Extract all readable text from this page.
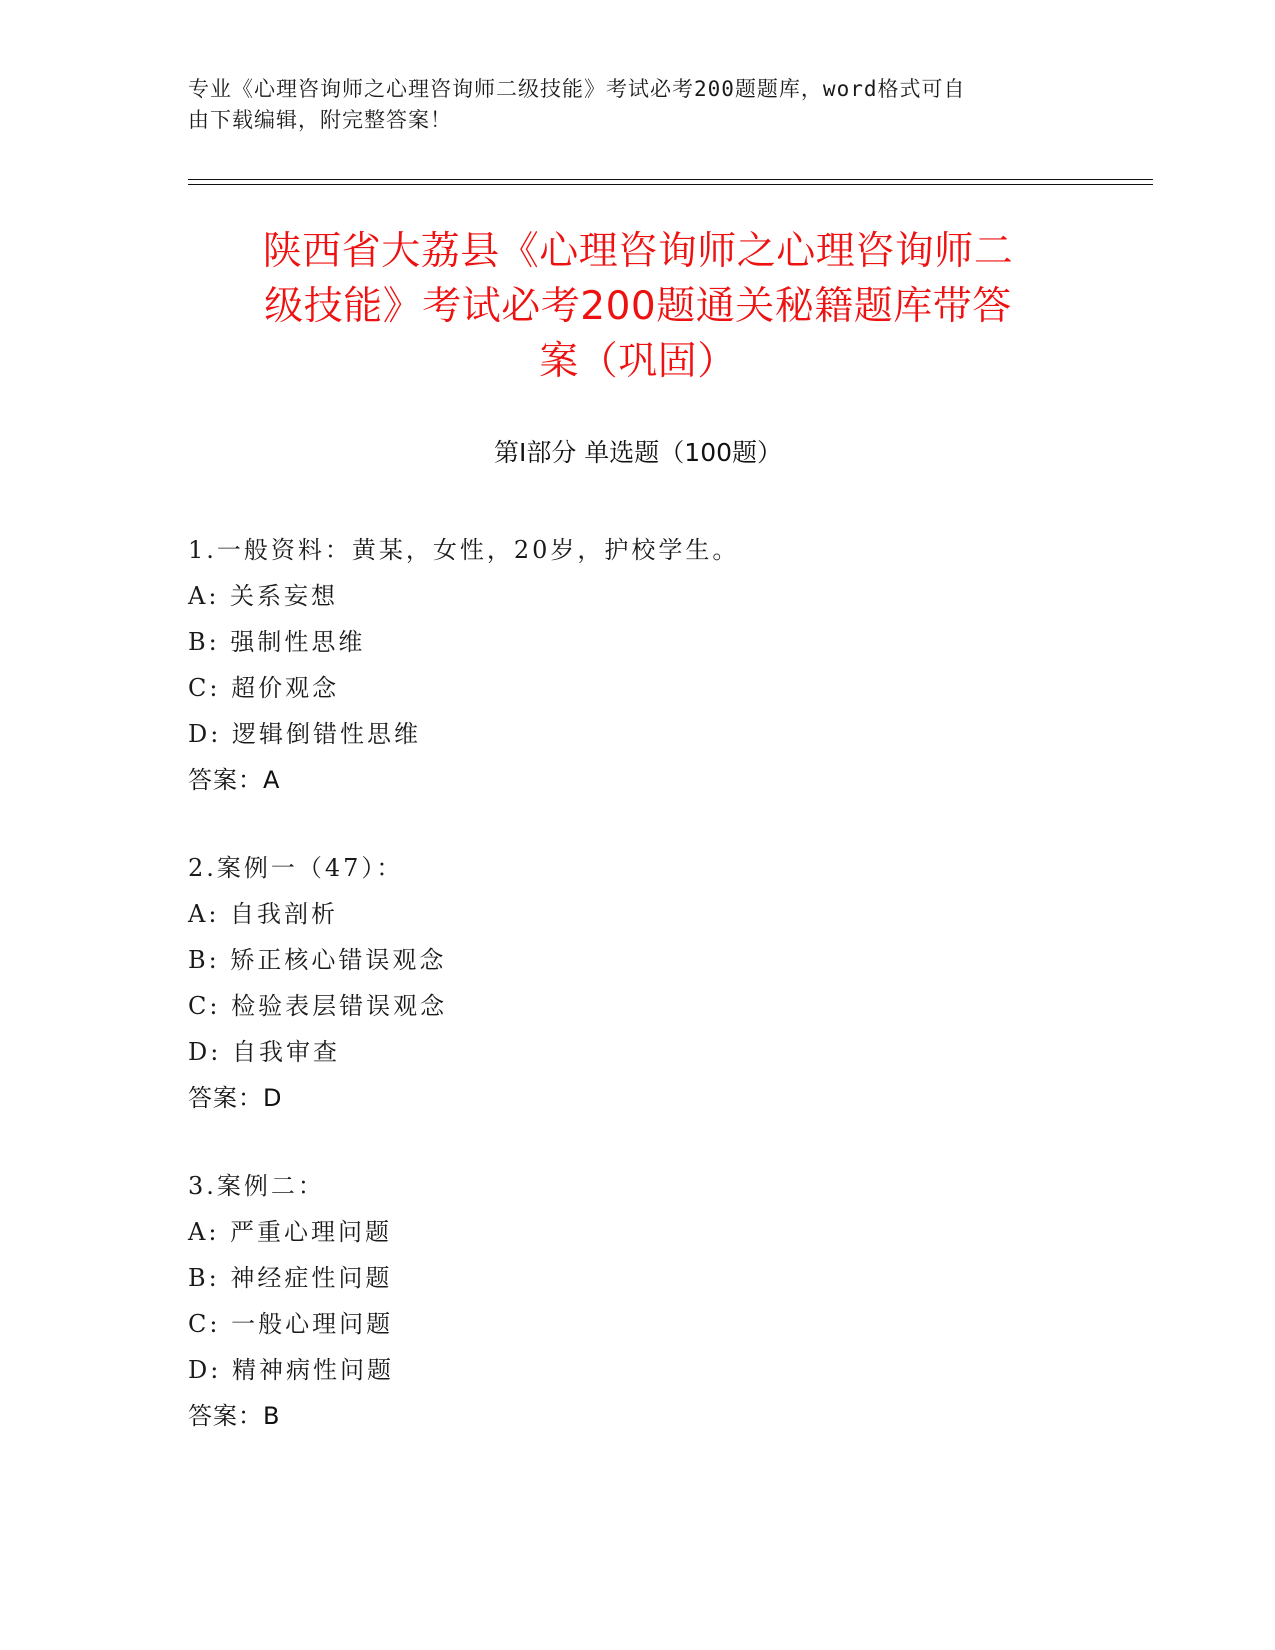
专业《心理咨询师之心理咨询师二级技能》考试必考200题题库，word格式可自
由下载编辑，附完整答案！
陕西省大荔县《心理咨询师之心理咨询师二
级技能》考试必考200题通关秘籍题库带答
案（巩固）
第I部分 单选题（100题）
1.一般资料：黄某，女性，20岁，护校学生。
A: 关系妄想
B: 强制性思维
C: 超价观念
D: 逻辑倒错性思维
答案：A
2.案例一（47）：
A: 自我剖析
B: 矫正核心错误观念
C: 检验表层错误观念
D: 自我审查
答案：D
3.案例二：
A: 严重心理问题
B: 神经症性问题
C: 一般心理问题
D: 精神病性问题
答案：B
